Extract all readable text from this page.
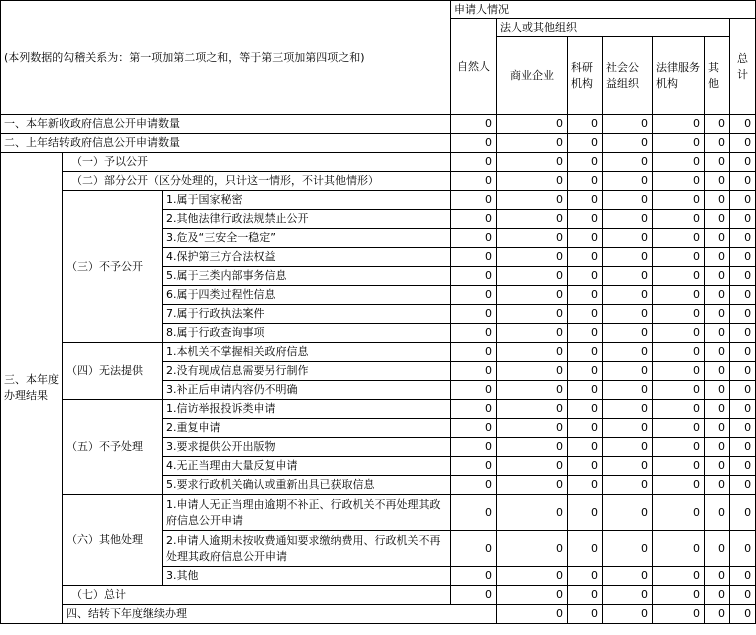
(本列数据的勾稽关系为：第一项加第二项之和，等于第三项加第四项之和)			申请人情况							
			自然人	法人或其他组织					总计	
				商业企业	科研机构	社会公益组织	法律服务机构	其他		
一、本年新收政府信息公开申请数量			0	0	0	0	0	0	0	
二、上年结转政府信息公开申请数量			0	0	0	0	0	0	0	
三、本年度办理结果	（一）予以公开		0	0	0	0	0	0	0	
	（二）部分公开（区分处理的，只计这一情形，不计其他情形）		0	0	0	0	0	0	0	
	（三）不予公开	1.属于国家秘密	0	0	0	0	0	0	0	
		2.其他法律行政法规禁止公开	0	0	0	0	0	0	0	
		3.危及“三安全一稳定”	0	0	0	0	0	0	0	
		4.保护第三方合法权益	0	0	0	0	0	0	0	
		5.属于三类内部事务信息	0	0	0	0	0	0	0	
		6.属于四类过程性信息	0	0	0	0	0	0	0	
		7.属于行政执法案件	0	0	0	0	0	0	0	
		8.属于行政查询事项	0	0	0	0	0	0	0	
	（四）无法提供	1.本机关不掌握相关政府信息	0	0	0	0	0	0	0	
		2.没有现成信息需要另行制作	0	0	0	0	0	0	0	
		3.补正后申请内容仍不明确	0	0	0	0	0	0	0	
	（五）不予处理	1.信访举报投诉类申请	0	0	0	0	0	0	0	
		2.重复申请	0	0	0	0	0	0	0	
		3.要求提供公开出版物	0	0	0	0	0	0	0	
		4.无正当理由大量反复申请	0	0	0	0	0	0	0	
		5.要求行政机关确认或重新出具已获取信息	0	0	0	0	0	0	0	
	（六）其他处理	1.申请人无正当理由逾期不补正、行政机关不再处理其政府信息公开申请	0	0	0	0	0	0	0	
		2.申请人逾期未按收费通知要求缴纳费用、行政机关不再处理其政府信息公开申请	0	0	0	0	0	0	0	
		3.其他	0	0	0	0	0	0	0	
	（七）总计		0	0	0	0	0	0	0	
	四、结转下年度继续办理			0	0	0	0	0	0	
